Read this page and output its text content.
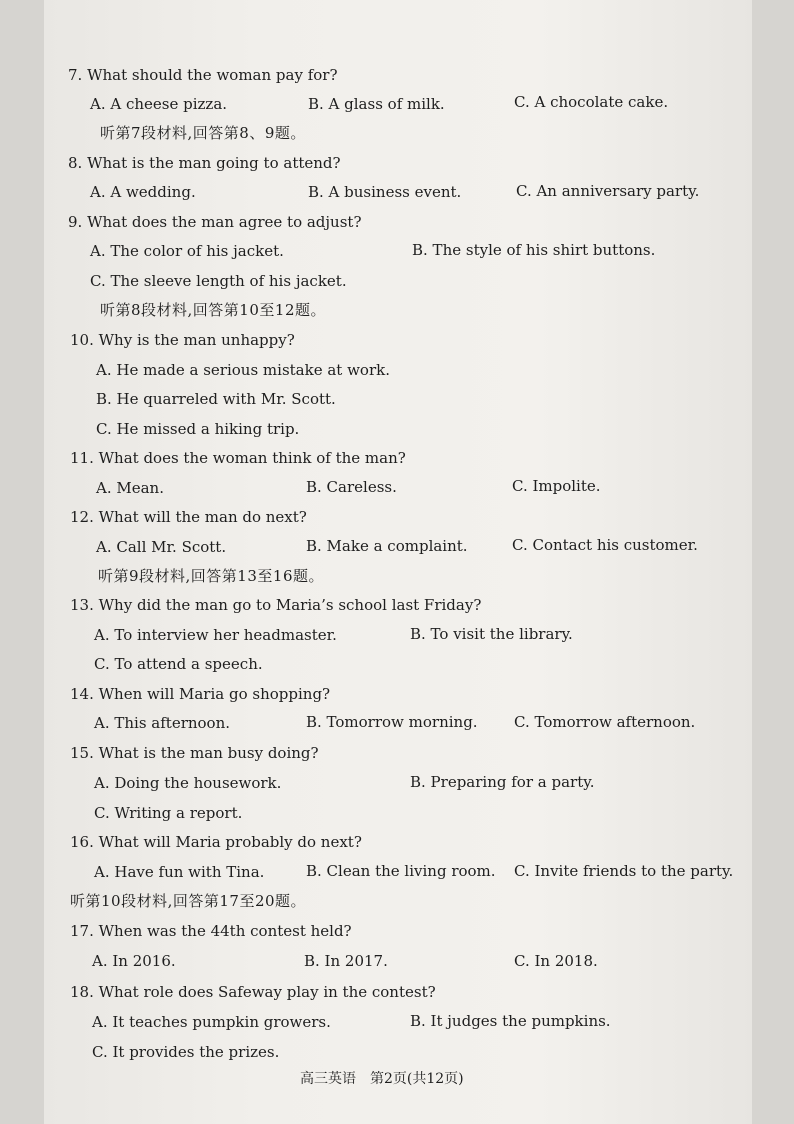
7. What should the woman pay for?
A. A cheese pizza.	B. A glass of milk.	C. A chocolate cake.
听第7段材料,回答第8、9题。
8. What is the man going to attend?
A. A wedding.	B. A business event.	C. An anniversary party.
9. What does the man agree to adjust?
A. The color of his jacket.	B. The style of his shirt buttons.
C. The sleeve length of his jacket.
听第8段材料,回答第10至12题。
10. Why is the man unhappy?
A. He made a serious mistake at work.
B. He quarreled with Mr. Scott.
C. He missed a hiking trip.
11. What does the woman think of the man?
A. Mean.	B. Careless.	C. Impolite.
12. What will the man do next?
A. Call Mr. Scott.	B. Make a complaint.	C. Contact his customer.
听第9段材料,回答第13至16题。
13. Why did the man go to Maria’s school last Friday?
A. To interview her headmaster.	B. To visit the library.
C. To attend a speech.
14. When will Maria go shopping?
A. This afternoon.	B. Tomorrow morning. C. Tomorrow afternoon.
15. What is the man busy doing?
A. Doing the housework.	B. Preparing for a party.
C. Writing a report.
16. What will Maria probably do next?
A. Have fun with Tina.	B. Clean the living room. C. Invite friends to the party.
听第10段材料,回答第17至20题。
17. When was the 44th contest held?
A. In 2016.	B. In 2017.	C. In 2018.
18. What role does Safeway play in the contest?
A. It teaches pumpkin growers.	B. It judges the pumpkins.
C. It provides the prizes.
高三英语　第2页(共12页)
